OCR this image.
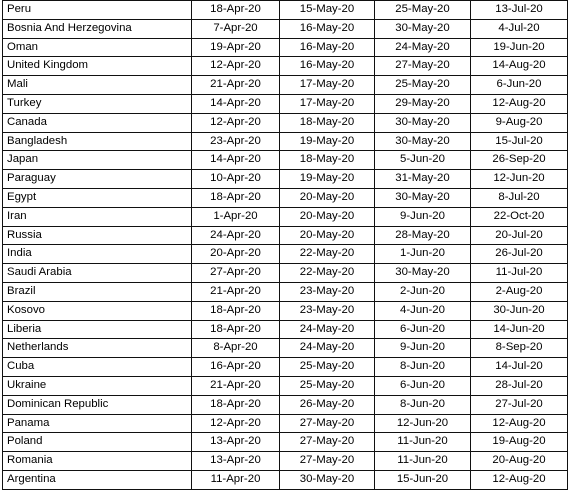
Peru	18-Apr-20	15-May-20	25-May-20	13-Jul-20
Bosnia And Herzegovina	7-Apr-20	16-May-20	30-May-20	4-Jul-20
Oman	19-Apr-20	16-May-20	24-May-20	19-Jun-20
United Kingdom	12-Apr-20	16-May-20	27-May-20	14-Aug-20
Mali	21-Apr-20	17-May-20	25-May-20	6-Jun-20
Turkey	14-Apr-20	17-May-20	29-May-20	12-Aug-20
Canada	12-Apr-20	18-May-20	30-May-20	9-Aug-20
Bangladesh	23-Apr-20	19-May-20	30-May-20	15-Jul-20
Japan	14-Apr-20	18-May-20	5-Jun-20	26-Sep-20
Paraguay	10-Apr-20	19-May-20	31-May-20	12-Jun-20
Egypt	18-Apr-20	20-May-20	30-May-20	8-Jul-20
Iran	1-Apr-20	20-May-20	9-Jun-20	22-Oct-20
Russia	24-Apr-20	20-May-20	28-May-20	20-Jul-20
India	20-Apr-20	22-May-20	1-Jun-20	26-Jul-20
Saudi Arabia	27-Apr-20	22-May-20	30-May-20	11-Jul-20
Brazil	21-Apr-20	23-May-20	2-Jun-20	2-Aug-20
Kosovo	18-Apr-20	23-May-20	4-Jun-20	30-Jun-20
Liberia	18-Apr-20	24-May-20	6-Jun-20	14-Jun-20
Netherlands	8-Apr-20	24-May-20	9-Jun-20	8-Sep-20
Cuba	16-Apr-20	25-May-20	8-Jun-20	14-Jul-20
Ukraine	21-Apr-20	25-May-20	6-Jun-20	28-Jul-20
Dominican Republic	18-Apr-20	26-May-20	8-Jun-20	27-Jul-20
Panama	12-Apr-20	27-May-20	12-Jun-20	12-Aug-20
Poland	13-Apr-20	27-May-20	11-Jun-20	19-Aug-20
Romania	13-Apr-20	27-May-20	11-Jun-20	20-Aug-20
Argentina	11-Apr-20	30-May-20	15-Jun-20	12-Aug-20
